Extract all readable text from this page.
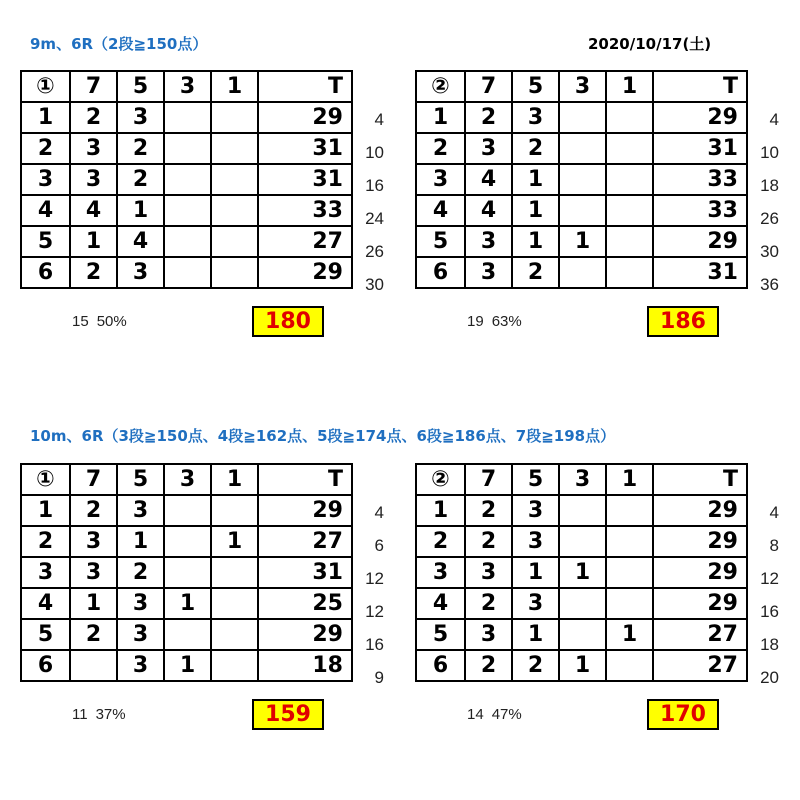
9m、6R（2段≧150点）	2020/10/17(土)
4
10
16
24
26
30
①	7	5	3	1	T
1	2	3			29
2	3	2			31
3	3	2			31
4	4	1			33
5	1	4			27
6	2	3			29
15 50%	180
4
10
18
26
30
36
②	7	5	3	1	T
1	2	3			29
2	3	2			31
3	4	1			33
4	4	1			33
5	3	1	1		29
6	3	2			31
19 63%	186
10m、6R（3段≧150点、4段≧162点、5段≧174点、6段≧186点、7段≧198点）
4
6
12
12
16
9
①	7	5	3	1	T
1	2	3			29
2	3	1		1	27
3	3	2			31
4	1	3	1		25
5	2	3			29
6		3	1		18
11 37%	159
4
8
12
16
18
20
②	7	5	3	1	T
1	2	3			29
2	2	3			29
3	3	1	1		29
4	2	3			29
5	3	1		1	27
6	2	2	1		27
14 47%	170
